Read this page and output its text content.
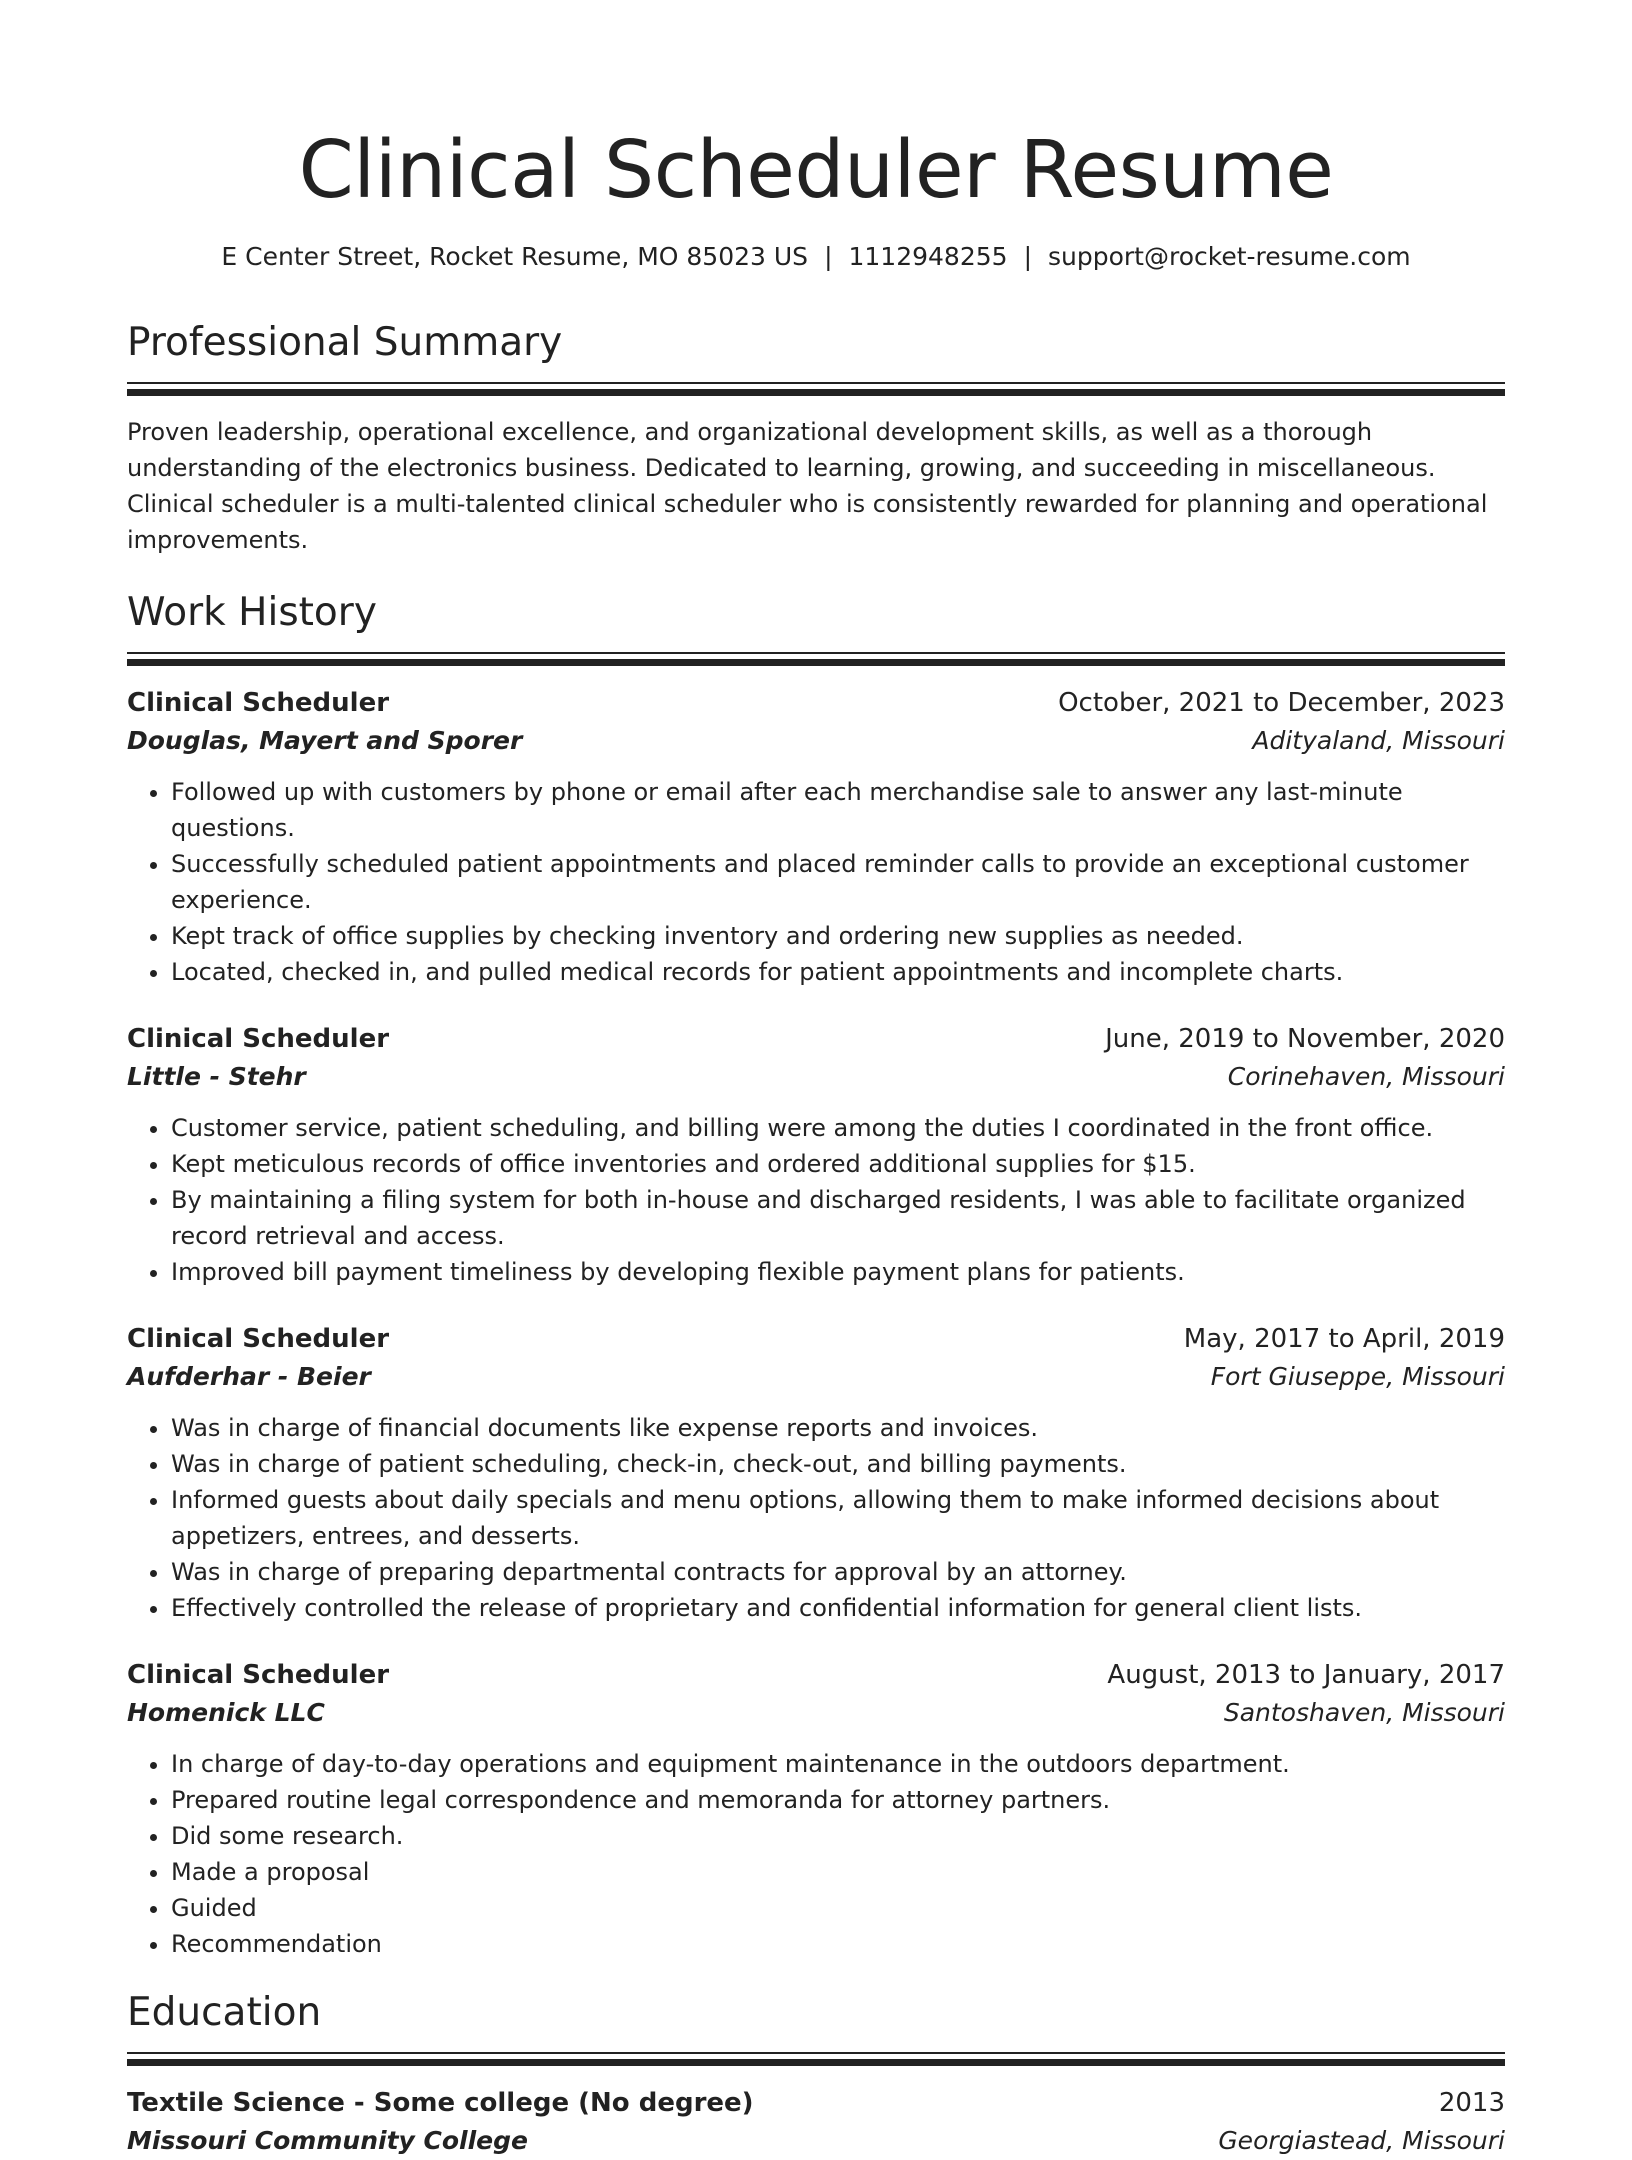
Clinical Scheduler Resume
E Center Street, Rocket Resume, MO 85023 US | 1112948255 | support@rocket-resume.com
Professional Summary
Proven leadership, operational excellence, and organizational development skills, as well as a thorough understanding of the electronics business. Dedicated to learning, growing, and succeeding in miscellaneous. Clinical scheduler is a multi-talented clinical scheduler who is consistently rewarded for planning and operational improvements.
Work History
Clinical Scheduler	October, 2021 to December, 2023
Douglas, Mayert and Sporer	Adityaland, Missouri
• Followed up with customers by phone or email after each merchandise sale to answer any last-minute questions.
• Successfully scheduled patient appointments and placed reminder calls to provide an exceptional customer experience.
• Kept track of office supplies by checking inventory and ordering new supplies as needed.
• Located, checked in, and pulled medical records for patient appointments and incomplete charts.
Clinical Scheduler	June, 2019 to November, 2020
Little - Stehr	Corinehaven, Missouri
• Customer service, patient scheduling, and billing were among the duties I coordinated in the front office.
• Kept meticulous records of office inventories and ordered additional supplies for $15.
• By maintaining a filing system for both in-house and discharged residents, I was able to facilitate organized record retrieval and access.
• Improved bill payment timeliness by developing flexible payment plans for patients.
Clinical Scheduler	May, 2017 to April, 2019
Aufderhar - Beier	Fort Giuseppe, Missouri
• Was in charge of financial documents like expense reports and invoices.
• Was in charge of patient scheduling, check-in, check-out, and billing payments.
• Informed guests about daily specials and menu options, allowing them to make informed decisions about appetizers, entrees, and desserts.
• Was in charge of preparing departmental contracts for approval by an attorney.
• Effectively controlled the release of proprietary and confidential information for general client lists.
Clinical Scheduler	August, 2013 to January, 2017
Homenick LLC	Santoshaven, Missouri
• In charge of day-to-day operations and equipment maintenance in the outdoors department.
• Prepared routine legal correspondence and memoranda for attorney partners.
• Did some research.
• Made a proposal
• Guided
• Recommendation
Education
Textile Science - Some college (No degree)	2013
Missouri Community College	Georgiastead, Missouri
